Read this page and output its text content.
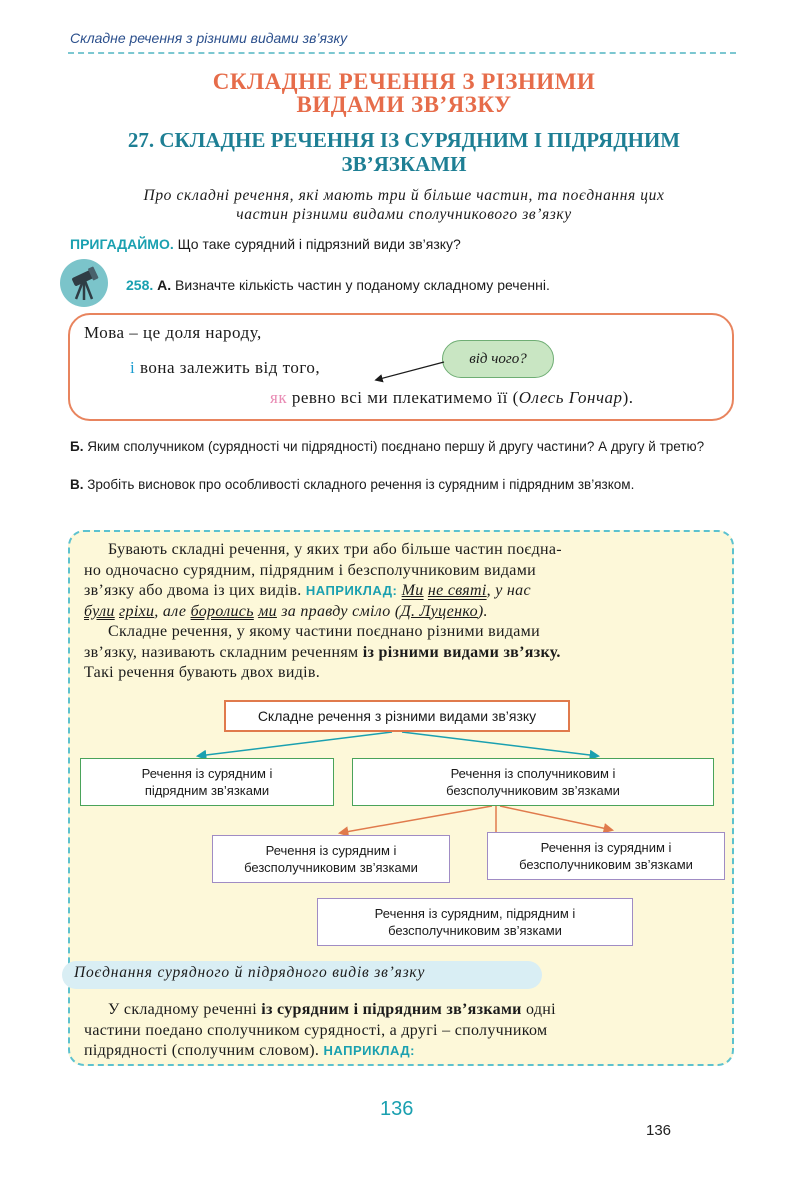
Складне речення з різними видами зв’язку
СКЛАДНЕ РЕЧЕННЯ З РІЗНИМИ
ВИДАМИ ЗВ’ЯЗКУ
27. СКЛАДНЕ РЕЧЕННЯ ІЗ СУРЯДНИМ І ПІДРЯДНИМ
ЗВ’ЯЗКАМИ
Про складні речення, які мають три й більше частин, та поєднання цих
частин різними видами сполучникового зв’язку
ПРИГАДАЙМО. Що таке сурядний і підрязний види зв’язку?
258. А. Визначте кількість частин у поданому складному реченні.
Мова – це доля народу,
і вона залежить від того,
як ревно всі ми плекатимемо її (Олесь Гончар).
від чого?
Б. Яким сполучником (сурядності чи підрядності) поєднано першу й другу частини? А другу й третю?
В. Зробіть висновок про особливості складного речення із сурядним і підрядним зв’язком.
Бувають складні речення, у яких три або більше частин поєдна-
но одночасно сурядним, підрядним і безсполучниковим видами
зв’язку або двома із цих видів. НАПРИКЛАД: Ми не святі, у нас
були гріхи, але боролись ми за правду сміло (Д. Луценко).
Складне речення, у якому частини поєднано різними видами
зв’язку, називають складним реченням із різними видами зв’язку.
Такі речення бувають двох видів.
Складне речення з різними видами зв’язку
Речення із сурядним і підрядним зв’язками
Речення із сполучниковим і безсполучниковим зв’язками
Речення із сурядним і безсполучниковим зв’язками
Речення із сурядним і безсполучниковим зв’язками
Речення із сурядним, підрядним і безсполучниковим зв’язками
Поєднання сурядного й підрядного видів зв’язку
У складному реченні із сурядним і підрядним зв’язками одні
частини поедано сполучником сурядності, а другі – сполучником
підрядності (сполучним словом). НАПРИКЛАД:
136
136
